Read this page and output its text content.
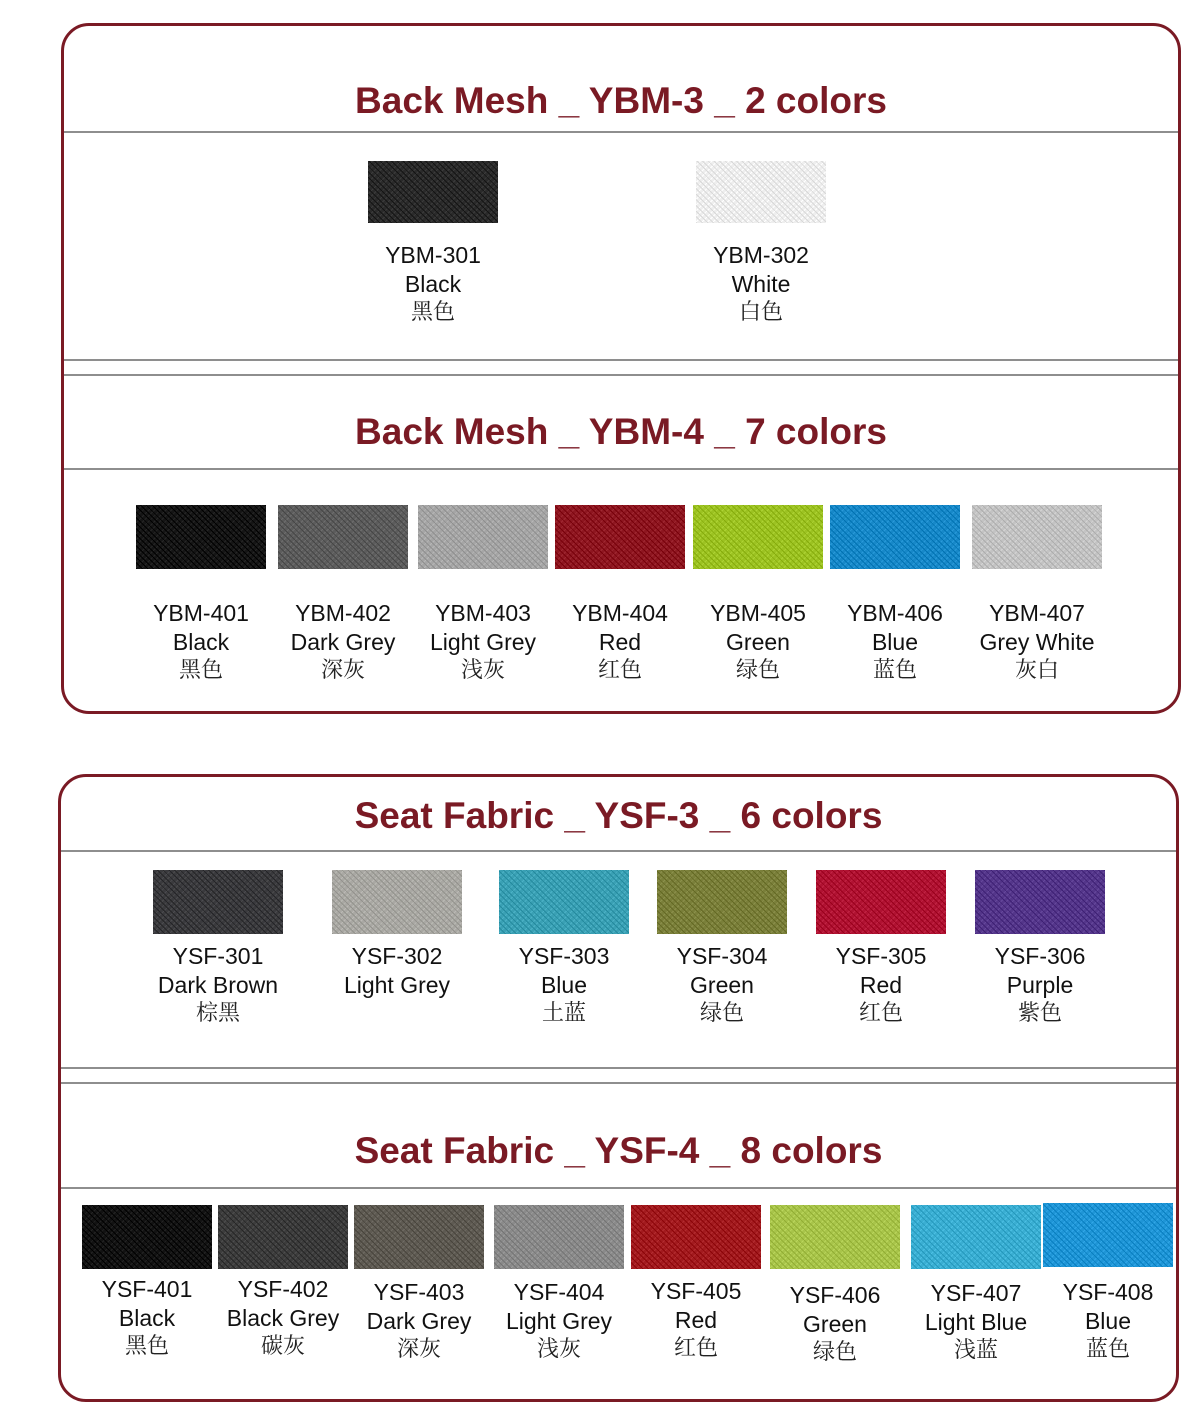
Back Mesh _ YBM-3 _ 2 colors
YBM-301
Black
黑色
YBM-302
White
白色
Back Mesh _ YBM-4 _ 7 colors
YBM-401
Black
黑色
YBM-402
Dark Grey
深灰
YBM-403
Light Grey
浅灰
YBM-404
Red
红色
YBM-405
Green
绿色
YBM-406
Blue
蓝色
YBM-407
Grey White
灰白
Seat Fabric _ YSF-3 _ 6 colors
YSF-301
Dark Brown
棕黑
YSF-302
Light Grey
YSF-303
Blue
土蓝
YSF-304
Green
绿色
YSF-305
Red
红色
YSF-306
Purple
紫色
Seat Fabric _ YSF-4 _ 8 colors
YSF-401
Black
黑色
YSF-402
Black Grey
碳灰
YSF-403
Dark Grey
深灰
YSF-404
Light Grey
浅灰
YSF-405
Red
红色
YSF-406
Green
绿色
YSF-407
Light Blue
浅蓝
YSF-408
Blue
蓝色
